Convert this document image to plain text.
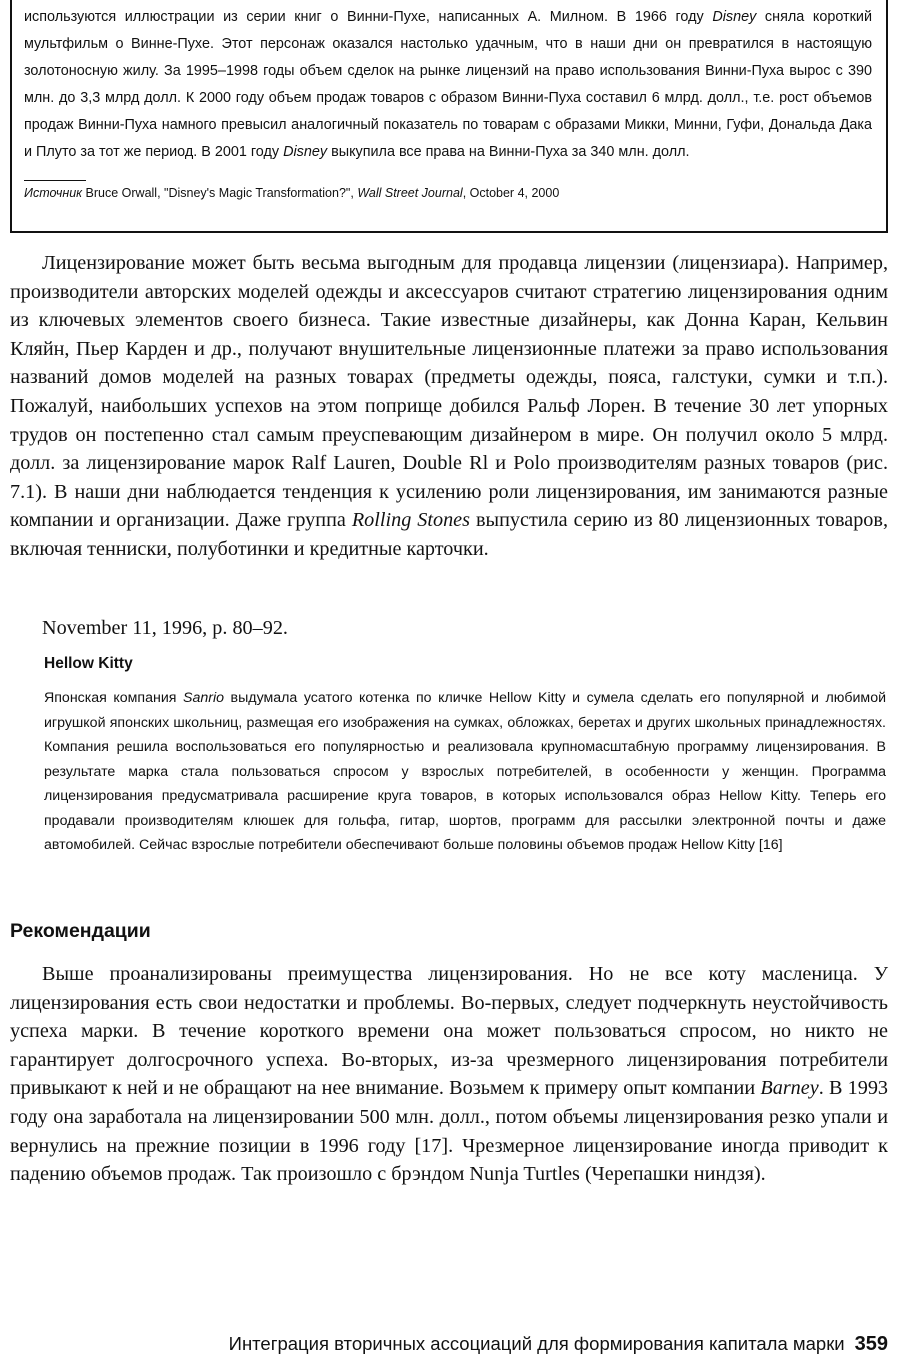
используются иллюстрации из серии книг о Винни-Пухе, написанных А. Милном. В 1966 году Disney сняла короткий мультфильм о Винне-Пухе. Этот персонаж оказался настолько удачным, что в наши дни он превратился в настоящую золотоносную жилу. За 1995–1998 годы объем сделок на рынке лицензий на право использования Винни-Пуха вырос с 390 млн. до 3,3 млрд долл. К 2000 году объем продаж товаров с образом Винни-Пуха составил 6 млрд. долл., т.е. рост объемов продаж Винни-Пуха намного превысил аналогичный показатель по товарам с образами Микки, Минни, Гуфи, Дональда Дака и Плуто за тот же период. В 2001 году Disney выкупила все права на Винни-Пуха за 340 млн. долл.

Источник Bruce Orwall, "Disney's Magic Transformation?", Wall Street Journal, October 4, 2000

Лицензирование может быть весьма выгодным для продавца лицензии (лицензиара). Например, производители авторских моделей одежды и аксессуаров считают стратегию лицензирования одним из ключевых элементов своего бизнеса. Такие известные дизайнеры, как Донна Каран, Кельвин Кляйн, Пьер Карден и др., получают внушительные лицензионные платежи за право использования названий домов моделей на разных товарах (предметы одежды, пояса, галстуки, сумки и т.п.). Пожалуй, наибольших успехов на этом поприще добился Ральф Лорен. В течение 30 лет упорных трудов он постепенно стал самым преуспевающим дизайнером в мире. Он получил около 5 млрд. долл. за лицензирование марок Ralf Lauren, Double Rl и Polo производителям разных товаров (рис. 7.1). В наши дни наблюдается тенденция к усилению роли лицензирования, им занимаются разные компании и организации. Даже группа Rolling Stones выпустила серию из 80 лицензионных товаров, включая тенниски, полуботинки и кредитные карточки.

November 11, 1996, p. 80–92.

Hellow Kitty

Японская компания Sanrio выдумала усатого котенка по кличке Hellow Kitty и сумела сделать его популярной и любимой игрушкой японских школьниц, размещая его изображения на сумках, обложках, беретах и других школьных принадлежностях. Компания решила воспользоваться его популярностью и реализовала крупномасштабную программу лицензирования. В результате марка стала пользоваться спросом у взрослых потребителей, в особенности у женщин. Программа лицензирования предусматривала расширение круга товаров, в которых использовался образ Hellow Kitty. Теперь его продавали производителям клюшек для гольфа, гитар, шортов, программ для рассылки электронной почты и даже автомобилей. Сейчас взрослые потребители обеспечивают больше половины объемов продаж Hellow Kitty [16]

Рекомендации

Выше проанализированы преимущества лицензирования. Но не все коту масленица. У лицензирования есть свои недостатки и проблемы. Во-первых, следует подчеркнуть неустойчивость успеха марки. В течение короткого времени она может пользоваться спросом, но никто не гарантирует долгосрочного успеха. Во-вторых, из-за чрезмерного лицензирования потребители привыкают к ней и не обращают на нее внимание. Возьмем к примеру опыт компании Barney. В 1993 году она заработала на лицензировании 500 млн. долл., потом объемы лицензирования резко упали и вернулись на прежние позиции в 1996 году [17]. Чрезмерное лицензирование иногда приводит к падению объемов продаж. Так произошло с брэндом Nunja Turtles (Черепашки ниндзя).

Интеграция вторичных ассоциаций для формирования капитала марки 359
